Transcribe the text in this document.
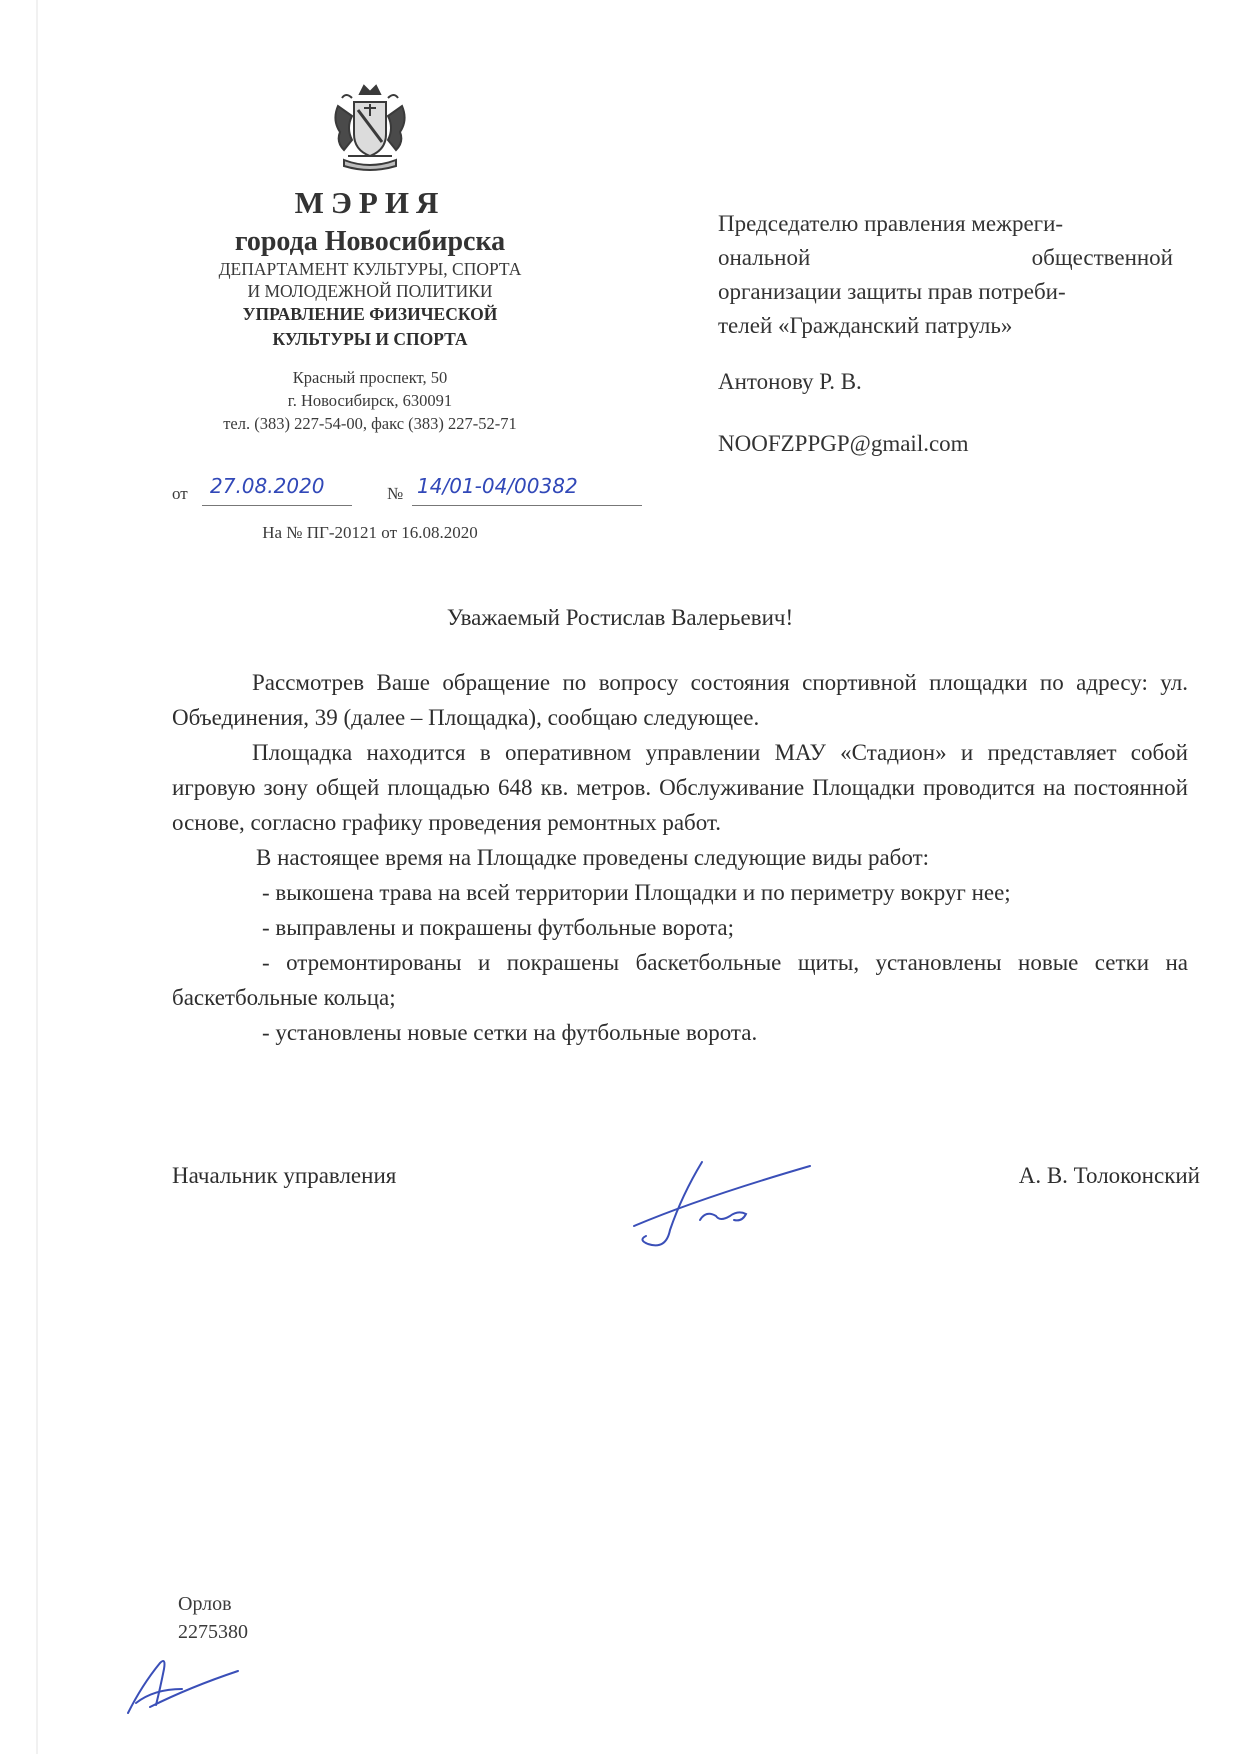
МЭРИЯ
города Новосибирска
ДЕПАРТАМЕНТ КУЛЬТУРЫ, СПОРТА
И МОЛОДЕЖНОЙ ПОЛИТИКИ
УПРАВЛЕНИЕ ФИЗИЧЕСКОЙ
КУЛЬТУРЫ И СПОРТА
Красный проспект, 50
г. Новосибирск, 630091
тел. (383) 227-54-00, факс (383) 227-52-71
от 27.08.2020	№ 14/01-04/00382
На № ПГ-20121 от 16.08.2020
Председателю правления межреги-
ональной общественной
организации защиты прав потреби-
телей «Гражданский патруль»
Антонову Р. В.
NOOFZPPGP@gmail.com
Уважаемый Ростислав Валерьевич!

Рассмотрев Ваше обращение по вопросу состояния спортивной площадки по адресу: ул. Объединения, 39 (далее – Площадка), сообщаю следующее.

Площадка находится в оперативном управлении МАУ «Стадион» и представляет собой игровую зону общей площадью 648 кв. метров. Обслуживание Площадки проводится на постоянной основе, согласно графику проведения ремонтных работ.

В настоящее время на Площадке проведены следующие виды работ:

- выкошена трава на всей территории Площадки и по периметру вокруг нее;

- выправлены и покрашены футбольные ворота;

- отремонтированы и покрашены баскетбольные щиты, установлены новые сетки на баскетбольные кольца;

- установлены новые сетки на футбольные ворота.

Начальник управления	А. В. Толоконский
Орлов
2275380
